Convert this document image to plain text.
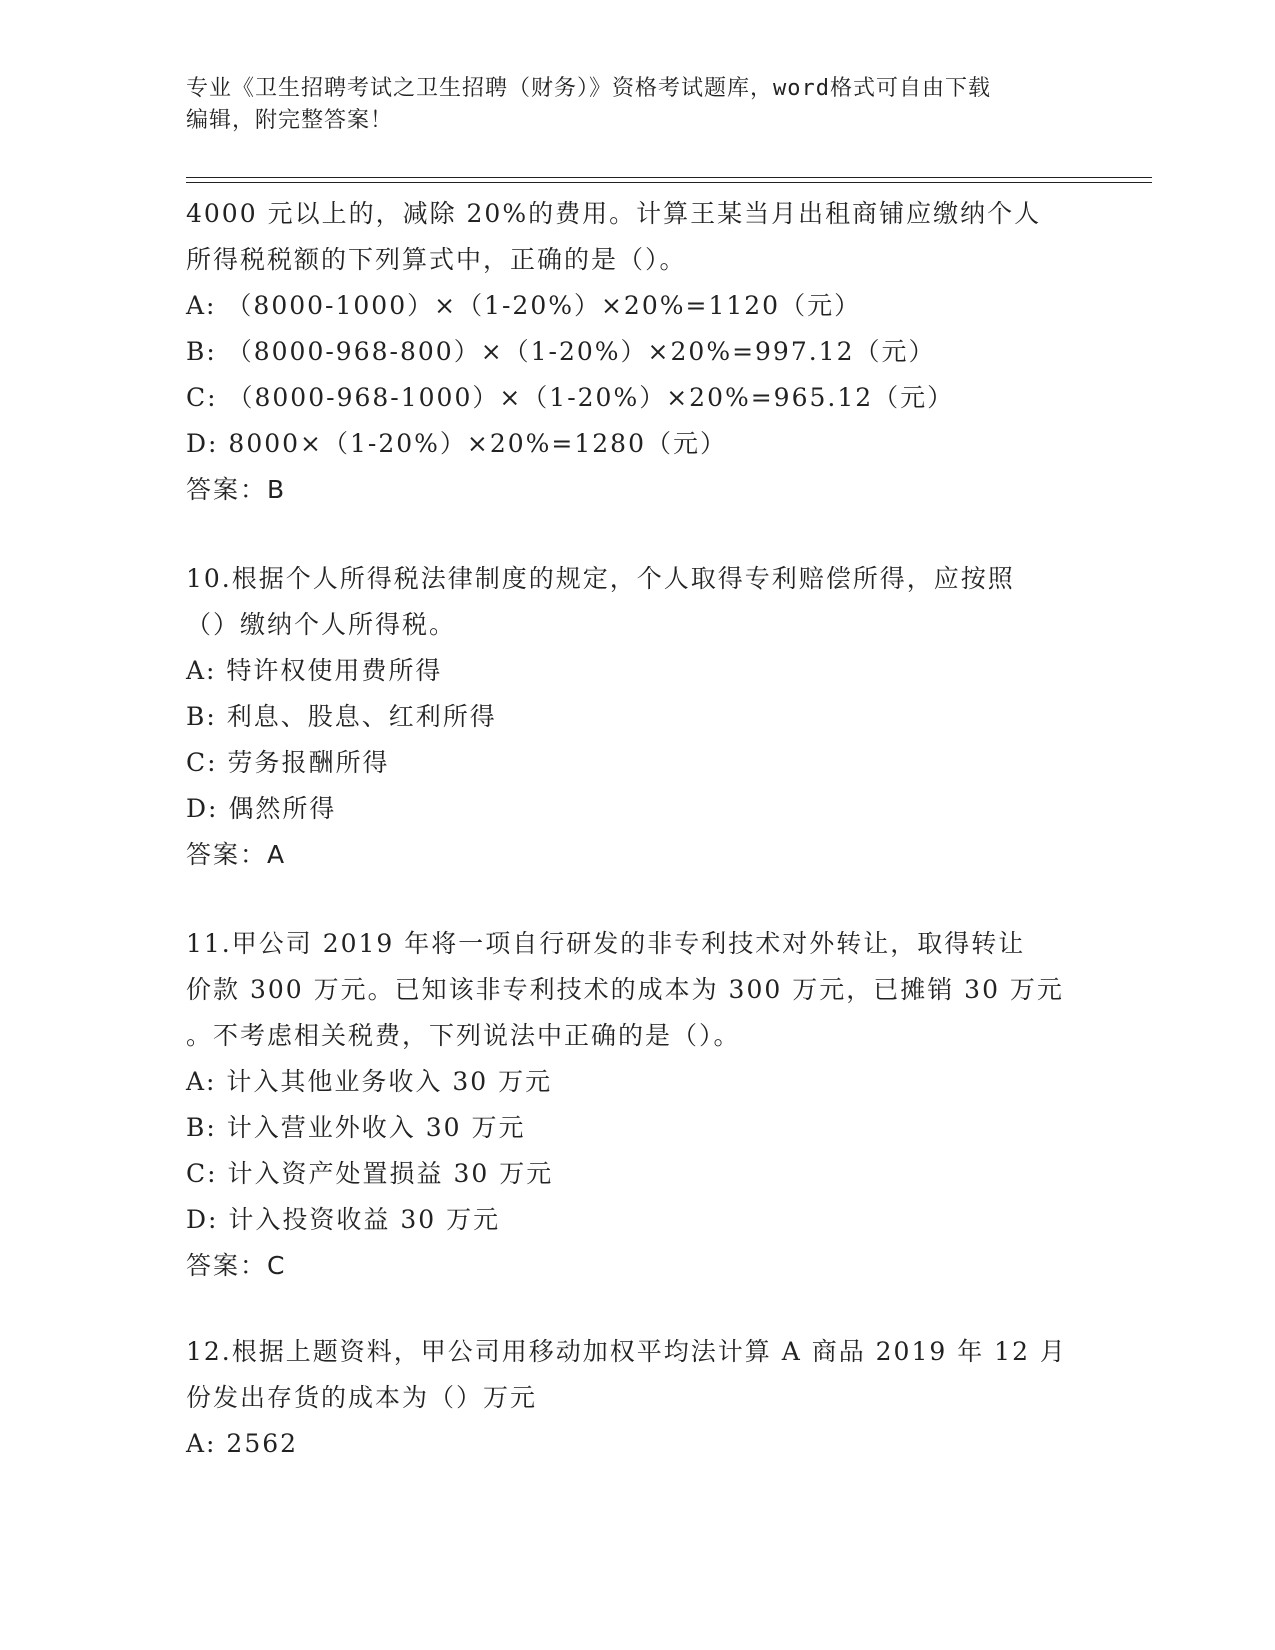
专业《卫生招聘考试之卫生招聘（财务）》资格考试题库，word格式可自由下载
编辑，附完整答案！
4000 元以上的，减除 20%的费用。计算王某当月出租商铺应缴纳个人
所得税税额的下列算式中，正确的是（）。
A: （8000-1000）×（1-20%）×20%=1120（元）
B: （8000-968-800）×（1-20%）×20%=997.12（元）
C: （8000-968-1000）×（1-20%）×20%=965.12（元）
D: 8000×（1-20%）×20%=1280（元）
答案：B
10.根据个人所得税法律制度的规定，个人取得专利赔偿所得，应按照
（）缴纳个人所得税。
A: 特许权使用费所得
B: 利息、股息、红利所得
C: 劳务报酬所得
D: 偶然所得
答案：A
11.甲公司 2019 年将一项自行研发的非专利技术对外转让，取得转让
价款 300 万元。已知该非专利技术的成本为 300 万元，已摊销 30 万元
。不考虑相关税费，下列说法中正确的是（）。
A: 计入其他业务收入 30 万元
B: 计入营业外收入 30 万元
C: 计入资产处置损益 30 万元
D: 计入投资收益 30 万元
答案：C
12.根据上题资料，甲公司用移动加权平均法计算 A 商品 2019 年 12 月
份发出存货的成本为（）万元
A: 2562
